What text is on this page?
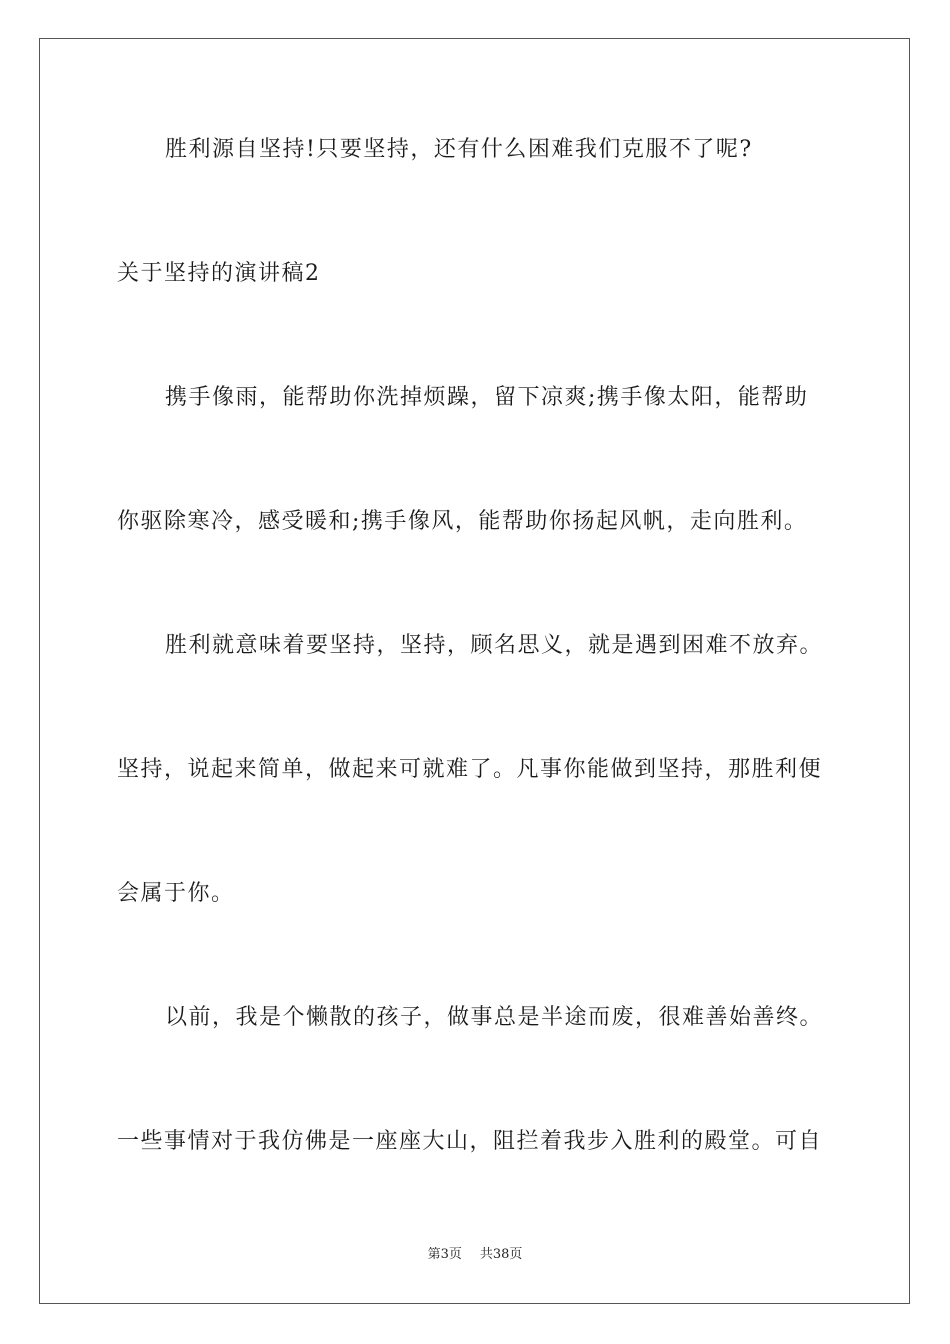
胜利源自坚持!只要坚持，还有什么困难我们克服不了呢?
关于坚持的演讲稿2
携手像雨，能帮助你洗掉烦躁，留下凉爽;携手像太阳，能帮助
你驱除寒冷，感受暖和;携手像风，能帮助你扬起风帆，走向胜利。
胜利就意味着要坚持，坚持，顾名思义，就是遇到困难不放弃。
坚持，说起来简单，做起来可就难了。凡事你能做到坚持，那胜利便
会属于你。
以前，我是个懒散的孩子，做事总是半途而废，很难善始善终。
一些事情对于我仿佛是一座座大山，阻拦着我步入胜利的殿堂。可自
第3页 共38页
